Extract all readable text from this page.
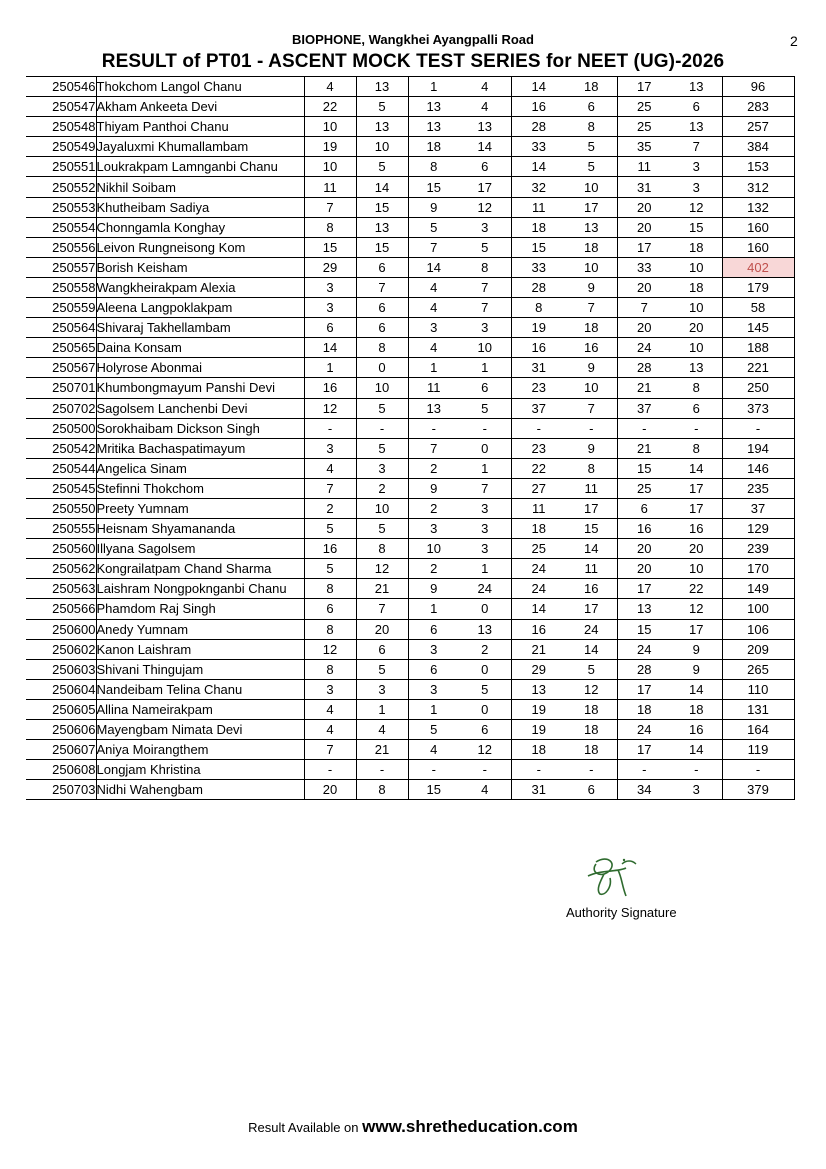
BIOPHONE, Wangkhei Ayangpalli Road	2
RESULT of PT01 - ASCENT MOCK TEST SERIES for NEET (UG)-2026
250546	Thokchom Langol Chanu	4	13	1	4	14	18	17	13	96
250547	Akham Ankeeta Devi	22	5	13	4	16	6	25	6	283
250548	Thiyam Panthoi Chanu	10	13	13	13	28	8	25	13	257
250549	Jayaluxmi Khumallambam	19	10	18	14	33	5	35	7	384
250551	Loukrakpam Lamnganbi Chanu	10	5	8	6	14	5	11	3	153
250552	Nikhil Soibam	11	14	15	17	32	10	31	3	312
250553	Khutheibam Sadiya	7	15	9	12	11	17	20	12	132
250554	Chonngamla Konghay	8	13	5	3	18	13	20	15	160
250556	Leivon Rungneisong Kom	15	15	7	5	15	18	17	18	160
250557	Borish Keisham	29	6	14	8	33	10	33	10	402
250558	Wangkheirakpam Alexia	3	7	4	7	28	9	20	18	179
250559	Aleena Langpoklakpam	3	6	4	7	8	7	7	10	58
250564	Shivaraj Takhellambam	6	6	3	3	19	18	20	20	145
250565	Daina Konsam	14	8	4	10	16	16	24	10	188
250567	Holyrose Abonmai	1	0	1	1	31	9	28	13	221
250701	Khumbongmayum Panshi Devi	16	10	11	6	23	10	21	8	250
250702	Sagolsem Lanchenbi Devi	12	5	13	5	37	7	37	6	373
250500	Sorokhaibam Dickson Singh	-	-	-	-	-	-	-	-	-
250542	Mritika Bachaspatimayum	3	5	7	0	23	9	21	8	194
250544	Angelica Sinam	4	3	2	1	22	8	15	14	146
250545	Stefinni Thokchom	7	2	9	7	27	11	25	17	235
250550	Preety Yumnam	2	10	2	3	11	17	6	17	37
250555	Heisnam Shyamananda	5	5	3	3	18	15	16	16	129
250560	Illyana Sagolsem	16	8	10	3	25	14	20	20	239
250562	Kongrailatpam Chand Sharma	5	12	2	1	24	11	20	10	170
250563	Laishram Nongpoknganbi Chanu	8	21	9	24	24	16	17	22	149
250566	Phamdom Raj Singh	6	7	1	0	14	17	13	12	100
250600	Anedy Yumnam	8	20	6	13	16	24	15	17	106
250602	Kanon Laishram	12	6	3	2	21	14	24	9	209
250603	Shivani Thingujam	8	5	6	0	29	5	28	9	265
250604	Nandeibam Telina Chanu	3	3	3	5	13	12	17	14	110
250605	Allina Nameirakpam	4	1	1	0	19	18	18	18	131
250606	Mayengbam Nimata Devi	4	4	5	6	19	18	24	16	164
250607	Aniya Moirangthem	7	21	4	12	18	18	17	14	119
250608	Longjam Khristina	-	-	-	-	-	-	-	-	-
250703	Nidhi Wahengbam	20	8	15	4	31	6	34	3	379
Authority Signature
Result Available on www.shretheducation.com
